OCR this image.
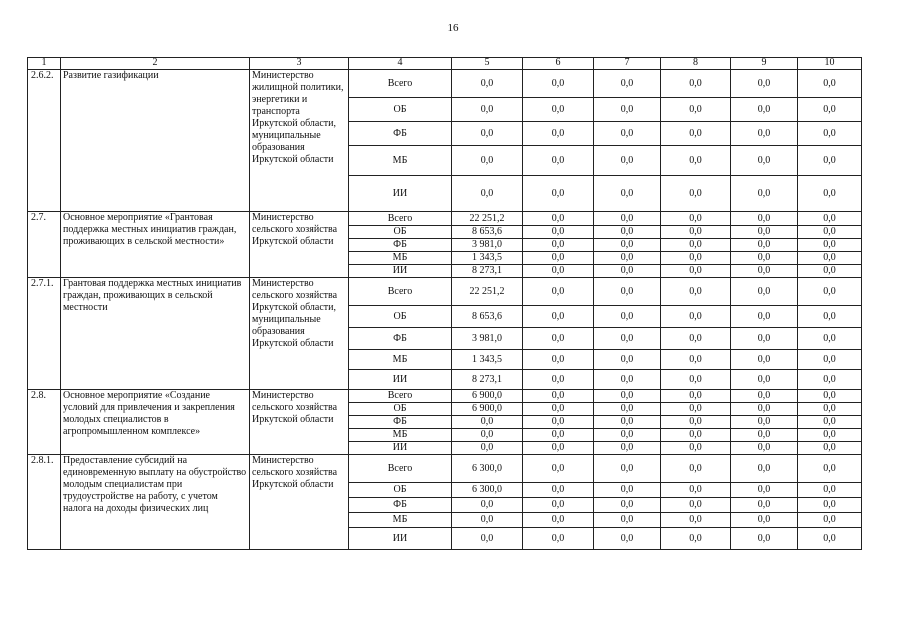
16
1	2	3	4	5	6	7	8	9	10
2.6.2.	Развитие газификации	Министерство жилищной политики, энергетики и транспорта Иркутской области, муниципальные образования Иркутской области	Всего	0,0	0,0	0,0	0,0	0,0	0,0
			ОБ	0,0	0,0	0,0	0,0	0,0	0,0
			ФБ	0,0	0,0	0,0	0,0	0,0	0,0
			МБ	0,0	0,0	0,0	0,0	0,0	0,0
			ИИ	0,0	0,0	0,0	0,0	0,0	0,0
2.7.	Основное мероприятие «Грантовая поддержка местных инициатив граждан, проживающих в сельской местности»	Министерство сельского хозяйства Иркутской области	Всего	22 251,2	0,0	0,0	0,0	0,0	0,0
			ОБ	8 653,6	0,0	0,0	0,0	0,0	0,0
			ФБ	3 981,0	0,0	0,0	0,0	0,0	0,0
			МБ	1 343,5	0,0	0,0	0,0	0,0	0,0
			ИИ	8 273,1	0,0	0,0	0,0	0,0	0,0
2.7.1.	Грантовая поддержка местных инициатив граждан, проживающих в сельской местности	Министерство сельского хозяйства Иркутской области, муниципальные образования Иркутской области	Всего	22 251,2	0,0	0,0	0,0	0,0	0,0
			ОБ	8 653,6	0,0	0,0	0,0	0,0	0,0
			ФБ	3 981,0	0,0	0,0	0,0	0,0	0,0
			МБ	1 343,5	0,0	0,0	0,0	0,0	0,0
			ИИ	8 273,1	0,0	0,0	0,0	0,0	0,0
2.8.	Основное мероприятие «Создание условий для привлечения и закрепления молодых специалистов в агропромышленном комплексе»	Министерство сельского хозяйства Иркутской области	Всего	6 900,0	0,0	0,0	0,0	0,0	0,0
			ОБ	6 900,0	0,0	0,0	0,0	0,0	0,0
			ФБ	0,0	0,0	0,0	0,0	0,0	0,0
			МБ	0,0	0,0	0,0	0,0	0,0	0,0
			ИИ	0,0	0,0	0,0	0,0	0,0	0,0
2.8.1.	Предоставление субсидий на единовременную выплату на обустройство молодым специалистам при трудоустройстве на работу, с учетом налога на доходы физических лиц	Министерство сельского хозяйства Иркутской области	Всего	6 300,0	0,0	0,0	0,0	0,0	0,0
			ОБ	6 300,0	0,0	0,0	0,0	0,0	0,0
			ФБ	0,0	0,0	0,0	0,0	0,0	0,0
			МБ	0,0	0,0	0,0	0,0	0,0	0,0
			ИИ	0,0	0,0	0,0	0,0	0,0	0,0
